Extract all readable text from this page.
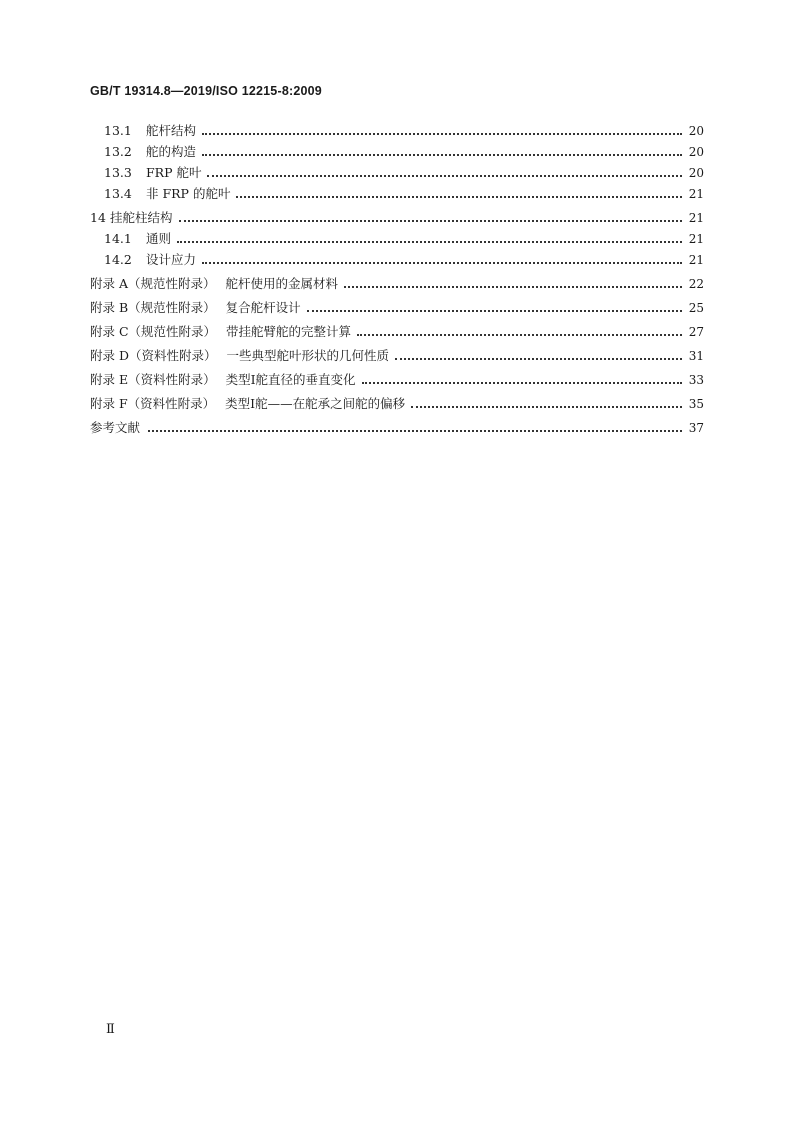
GB/T 19314.8—2019/ISO 12215-8:2009
13.1	舵杆结构	20
13.2	舵的构造	20
13.3	FRP 舵叶	20
13.4	非 FRP 的舵叶	21
14 挂舵柱结构	21
14.1	通则	21
14.2	设计应力	21
附录 A（规范性附录） 舵杆使用的金属材料	22
附录 B（规范性附录） 复合舵杆设计	25
附录 C（规范性附录） 带挂舵臂舵的完整计算	27
附录 D（资料性附录） 一些典型舵叶形状的几何性质	31
附录 E（资料性附录） 类型Ⅰ舵直径的垂直变化	33
附录 F（资料性附录） 类型Ⅰ舵——在舵承之间舵的偏移	35
参考文献	37
Ⅱ
